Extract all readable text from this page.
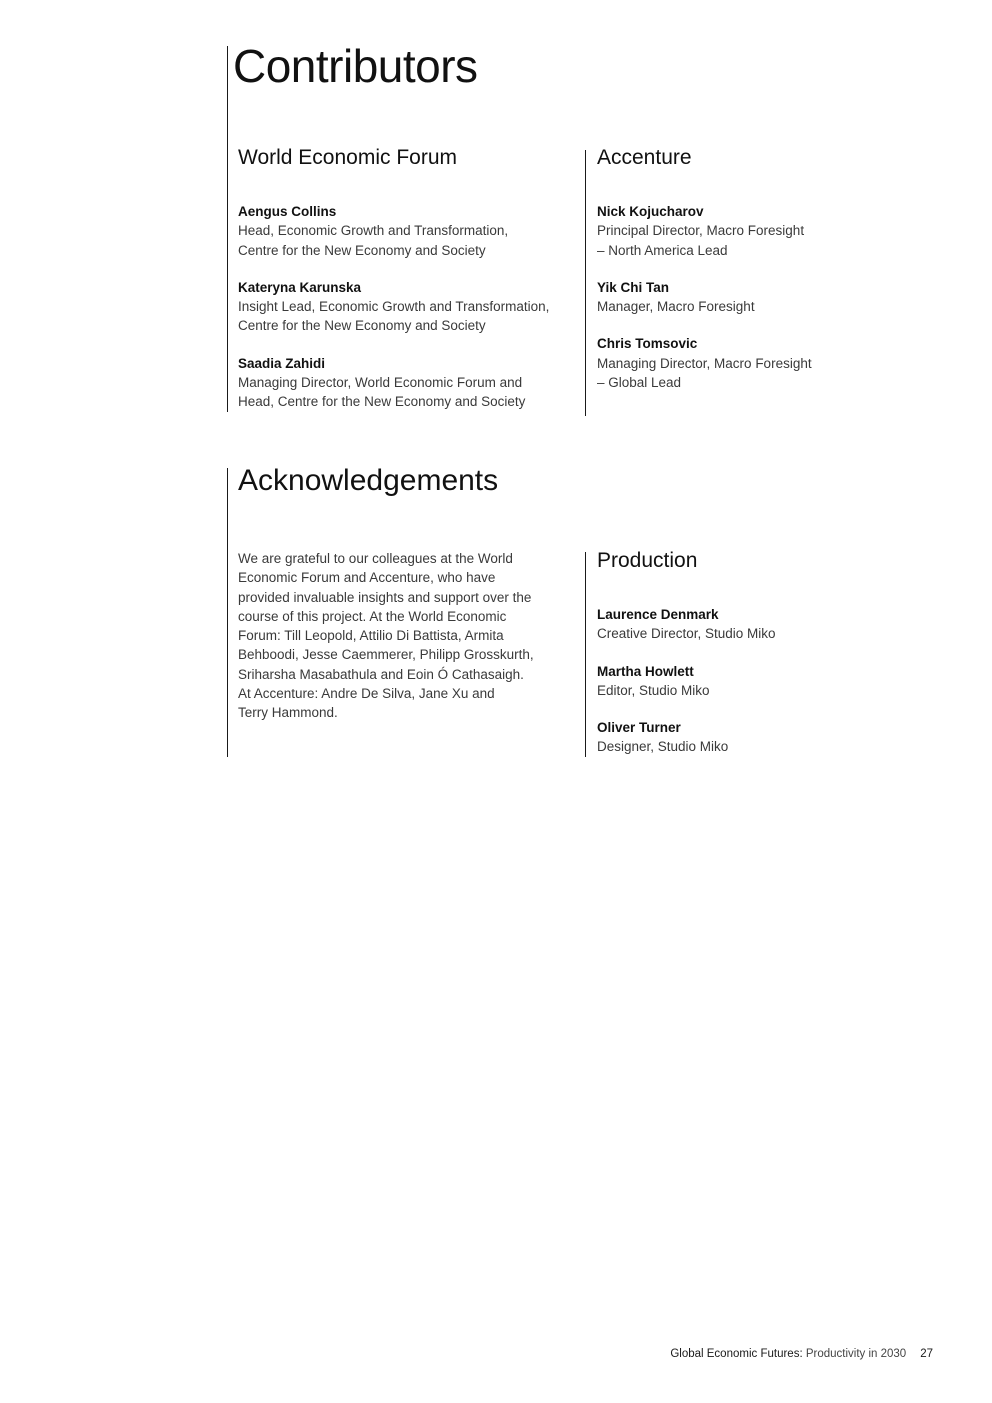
Contributors
World Economic Forum
Aengus Collins
Head, Economic Growth and Transformation,
Centre for the New Economy and Society
Kateryna Karunska
Insight Lead, Economic Growth and Transformation,
Centre for the New Economy and Society
Saadia Zahidi
Managing Director, World Economic Forum and
Head, Centre for the New Economy and Society
Accenture
Nick Kojucharov
Principal Director, Macro Foresight
– North America Lead
Yik Chi Tan
Manager, Macro Foresight
Chris Tomsovic
Managing Director, Macro Foresight
– Global Lead
Acknowledgements

We are grateful to our colleagues at the World
Economic Forum and Accenture, who have
provided invaluable insights and support over the
course of this project. At the World Economic
Forum: Till Leopold, Attilio Di Battista, Armita
Behboodi, Jesse Caemmerer, Philipp Grosskurth,
Sriharsha Masabathula and Eoin Ó Cathasaigh.
At Accenture: Andre De Silva, Jane Xu and
Terry Hammond.

Production
Laurence Denmark
Creative Director, Studio Miko
Martha Howlett
Editor, Studio Miko
Oliver Turner
Designer, Studio Miko
Global Economic Futures: Productivity in 2030 27
